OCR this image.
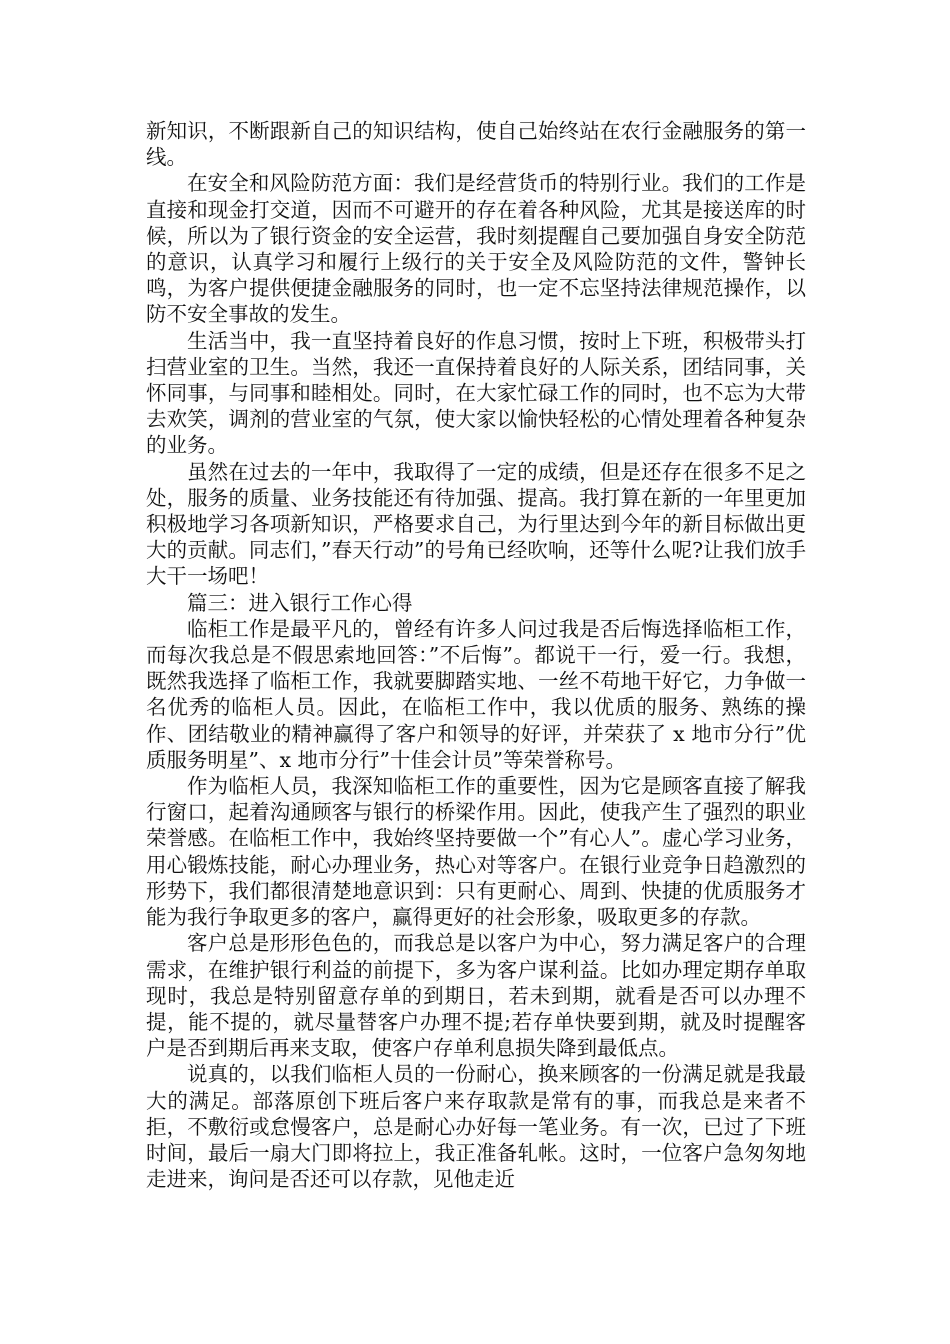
新知识，不断跟新自己的知识结构，使自己始终站在农行金融服务的第一线。

在安全和风险防范方面：我们是经营货币的特别行业。我们的工作是直接和现金打交道，因而不可避开的存在着各种风险，尤其是接送库的时候，所以为了银行资金的安全运营，我时刻提醒自己要加强自身安全防范的意识，认真学习和履行上级行的关于安全及风险防范的文件，警钟长鸣，为客户提供便捷金融服务的同时，也一定不忘坚持法律规范操作，以防不安全事故的发生。

生活当中，我一直坚持着良好的作息习惯，按时上下班，积极带头打扫营业室的卫生。当然，我还一直保持着良好的人际关系，团结同事，关怀同事，与同事和睦相处。同时，在大家忙碌工作的同时，也不忘为大带去欢笑，调剂的营业室的气氛，使大家以愉快轻松的心情处理着各种复杂的业务。

虽然在过去的一年中，我取得了一定的成绩，但是还存在很多不足之处，服务的质量、业务技能还有待加强、提高。我打算在新的一年里更加积极地学习各项新知识，严格要求自己，为行里达到今年的新目标做出更大的贡献。同志们，”春天行动”的号角已经吹响，还等什么呢?让我们放手大干一场吧！

篇三：进入银行工作心得

临柜工作是最平凡的，曾经有许多人问过我是否后悔选择临柜工作，而每次我总是不假思索地回答：”不后悔”。都说干一行，爱一行。我想，既然我选择了临柜工作，我就要脚踏实地、一丝不苟地干好它，力争做一名优秀的临柜人员。因此，在临柜工作中，我以优质的服务、熟练的操作、团结敬业的精神赢得了客户和领导的好评，并荣获了 x 地市分行”优质服务明星”、x 地市分行”十佳会计员”等荣誉称号。

作为临柜人员，我深知临柜工作的重要性，因为它是顾客直接了解我行窗口，起着沟通顾客与银行的桥梁作用。因此，使我产生了强烈的职业荣誉感。在临柜工作中，我始终坚持要做一个”有心人”。虚心学习业务，用心锻炼技能，耐心办理业务，热心对等客户。在银行业竞争日趋激烈的形势下，我们都很清楚地意识到：只有更耐心、周到、快捷的优质服务才能为我行争取更多的客户，赢得更好的社会形象，吸取更多的存款。

客户总是形形色色的，而我总是以客户为中心，努力满足客户的合理需求，在维护银行利益的前提下，多为客户谋利益。比如办理定期存单取现时，我总是特别留意存单的到期日，若未到期，就看是否可以办理不提，能不提的，就尽量替客户办理不提;若存单快要到期，就及时提醒客户是否到期后再来支取，使客户存单利息损失降到最低点。

说真的，以我们临柜人员的一份耐心，换来顾客的一份满足就是我最大的满足。部落原创下班后客户来存取款是常有的事，而我总是来者不拒，不敷衍或怠慢客户，总是耐心办好每一笔业务。有一次，已过了下班时间，最后一扇大门即将拉上，我正准备轧帐。这时，一位客户急匆匆地走进来，询问是否还可以存款，见他走近
